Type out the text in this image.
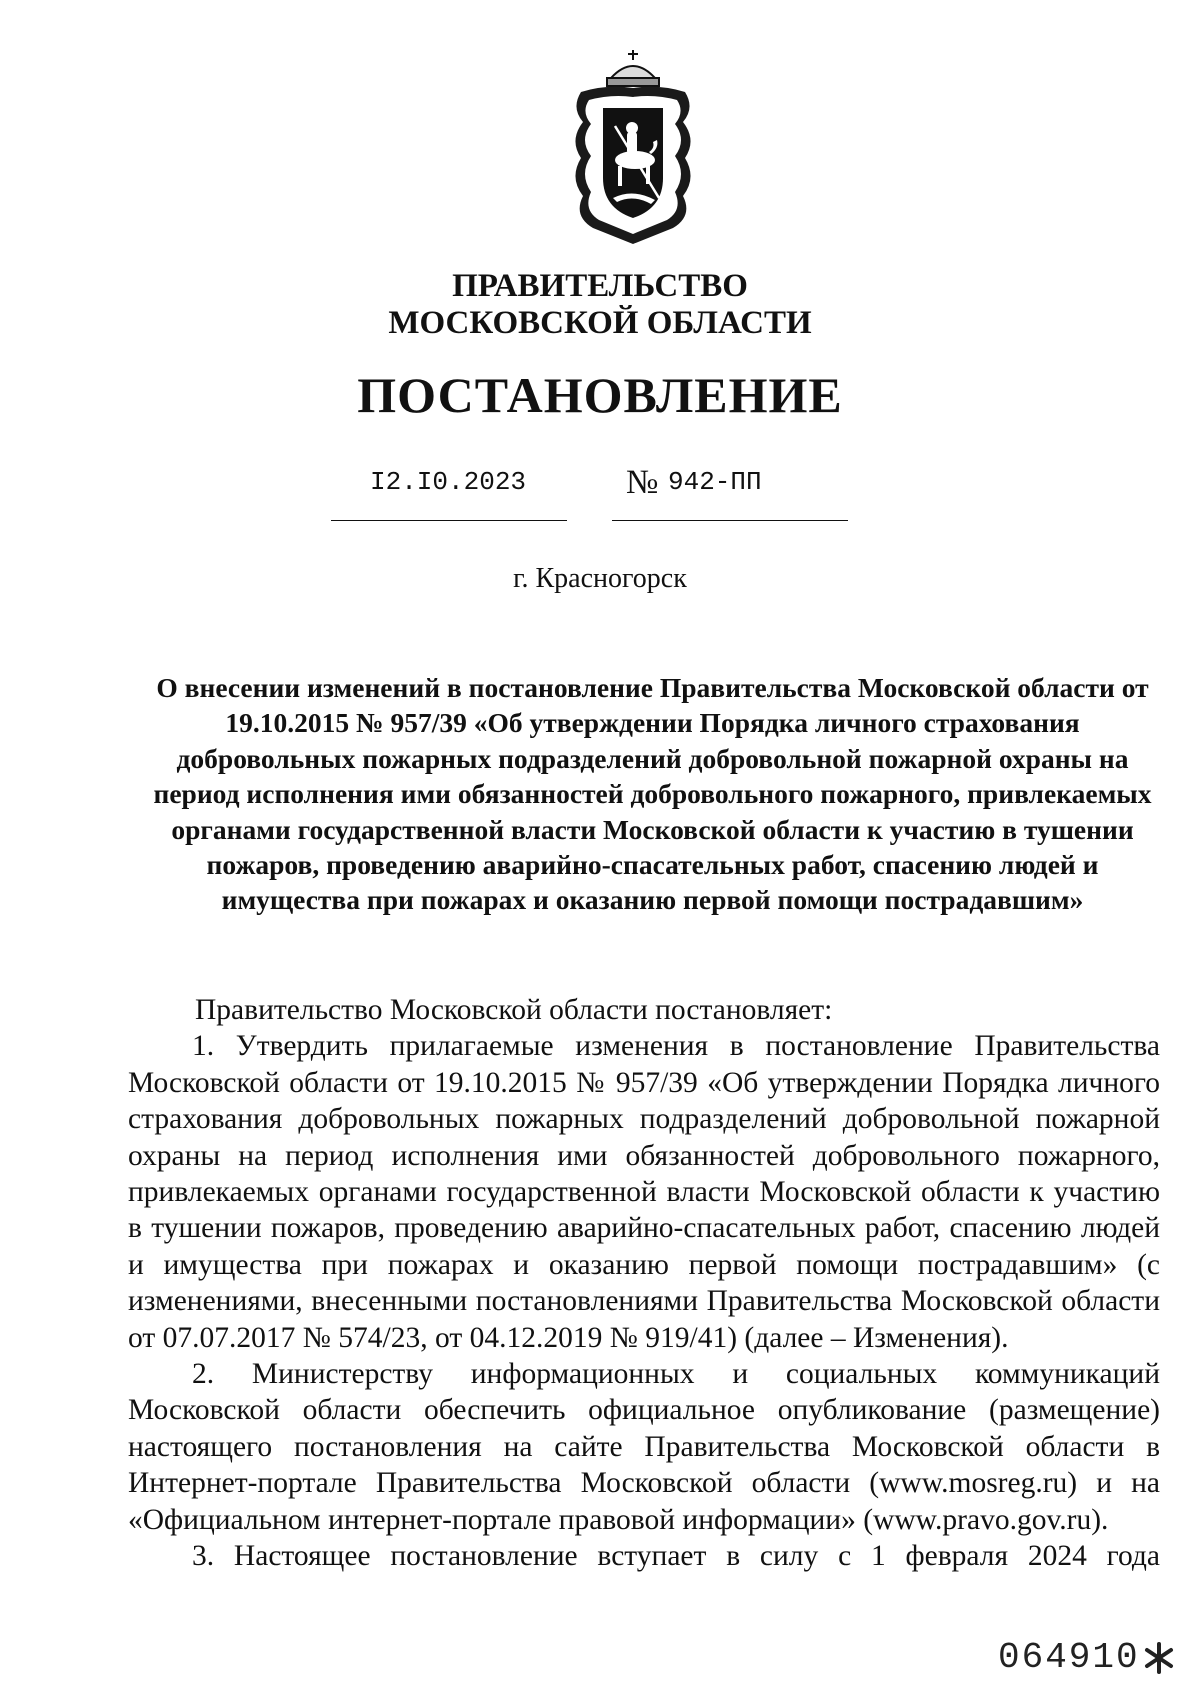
ПРАВИТЕЛЬСТВО
МОСКОВСКОЙ ОБЛАСТИ
ПОСТАНОВЛЕНИЕ
I2.I0.2023	№ 942-ПП
г. Красногорск
О внесении изменений в постановление Правительства Московской области от 19.10.2015 № 957/39 «Об утверждении Порядка личного страхования добровольных пожарных подразделений добровольной пожарной охраны на период исполнения ими обязанностей добровольного пожарного, привлекаемых органами государственной власти Московской области к участию в тушении пожаров, проведению аварийно-спасательных работ, спасению людей и имущества при пожарах и оказанию первой помощи пострадавшим»

Правительство Московской области постановляет:

1. Утвердить прилагаемые изменения в постановление Правительства Московской области от 19.10.2015 № 957/39 «Об утверждении Порядка личного страхования добровольных пожарных подразделений добровольной пожарной охраны на период исполнения ими обязанностей добровольного пожарного, привлекаемых органами государственной власти Московской области к участию в тушении пожаров, проведению аварийно-спасательных работ, спасению людей и имущества при пожарах и оказанию первой помощи пострадавшим» (с изменениями, внесенными постановлениями Правительства Московской области от 07.07.2017 № 574/23, от 04.12.2019 № 919/41) (далее – Изменения).

2. Министерству информационных и социальных коммуникаций Московской области обеспечить официальное опубликование (размещение) настоящего постановления на сайте Правительства Московской области в Интернет-портале Правительства Московской области (www.mosreg.ru) и на «Официальном интернет-портале правовой информации» (www.pravo.gov.ru).

3. Настоящее постановление вступает в силу с 1 февраля 2024 года

064910
